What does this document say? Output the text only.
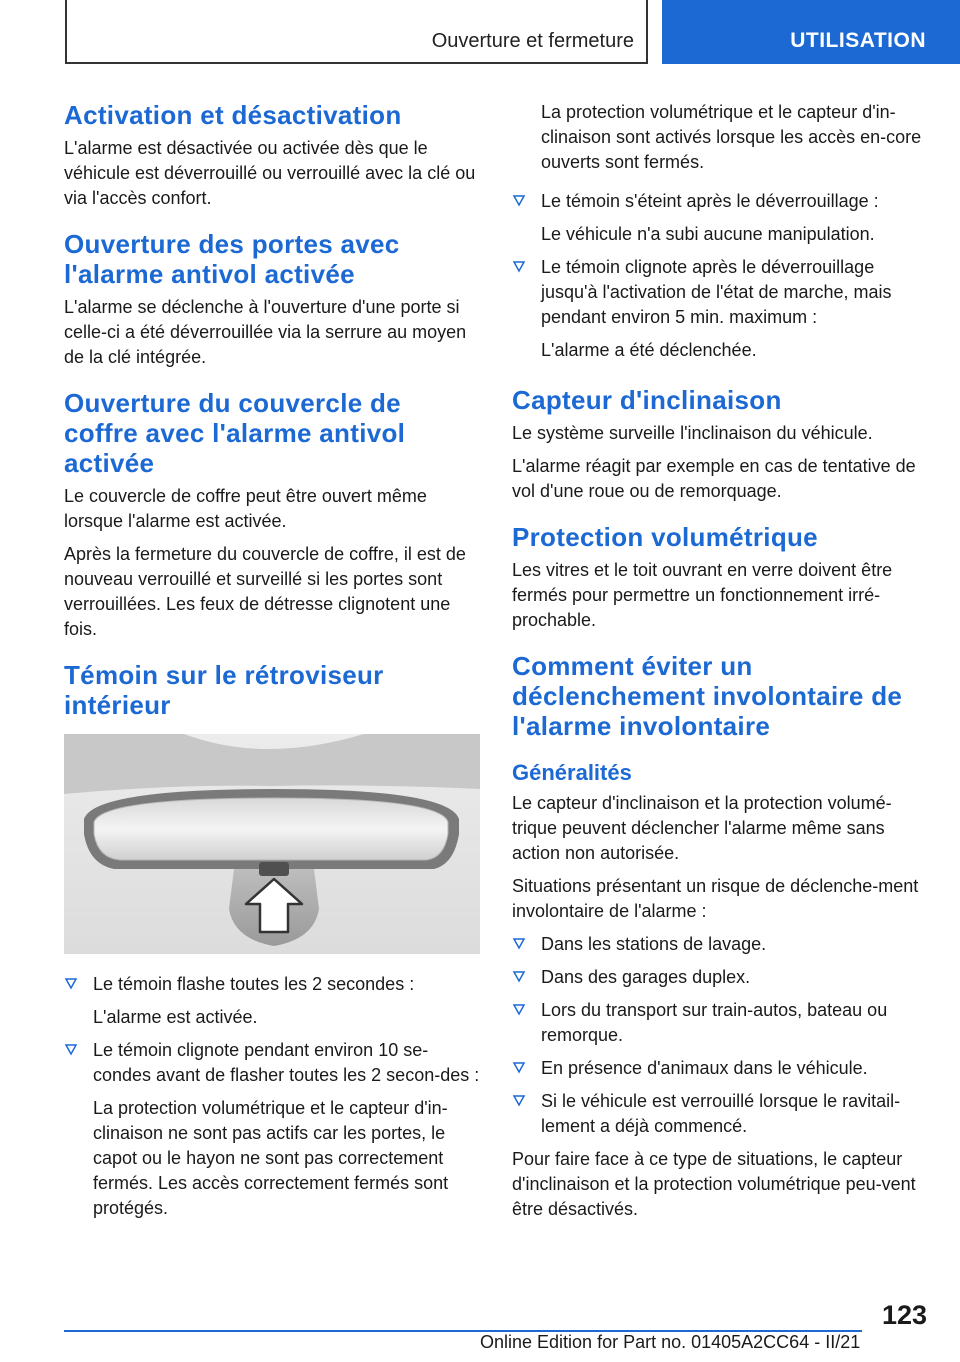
Ouverture et fermeture	UTILISATION
Activation et désactivation

L'alarme est désactivée ou activée dès que le véhicule est déverrouillé ou verrouillé avec la clé ou via l'accès confort.

Ouverture des portes avec l'alarme antivol activée

L'alarme se déclenche à l'ouverture d'une porte si celle-ci a été déverrouillée via la serrure au moyen de la clé intégrée.

Ouverture du couvercle de coffre avec l'alarme antivol activée

Le couvercle de coffre peut être ouvert même lorsque l'alarme est activée.

Après la fermeture du couvercle de coffre, il est de nouveau verrouillé et surveillé si les portes sont verrouillées. Les feux de détresse clignotent une fois.

Témoin sur le rétroviseur intérieur

Le témoin flashe toutes les 2 secondes :

L'alarme est activée.

Le témoin clignote pendant environ 10 se-condes avant de flasher toutes les 2 secon-des :

La protection volumétrique et le capteur d'in-clinaison ne sont pas actifs car les portes, le capot ou le hayon ne sont pas correctement fermés. Les accès correctement fermés sont protégés.

La protection volumétrique et le capteur d'in-clinaison sont activés lorsque les accès en-core ouverts sont fermés.

Le témoin s'éteint après le déverrouillage :

Le véhicule n'a subi aucune manipulation.

Le témoin clignote après le déverrouillage jusqu'à l'activation de l'état de marche, mais pendant environ 5 min. maximum :

L'alarme a été déclenchée.

Capteur d'inclinaison

Le système surveille l'inclinaison du véhicule.

L'alarme réagit par exemple en cas de tentative de vol d'une roue ou de remorquage.

Protection volumétrique

Les vitres et le toit ouvrant en verre doivent être fermés pour permettre un fonctionnement irré-prochable.

Comment éviter un déclenchement involontaire de l'alarme involontaire
Généralités

Le capteur d'inclinaison et la protection volumé-trique peuvent déclencher l'alarme même sans action non autorisée.

Situations présentant un risque de déclenche-ment involontaire de l'alarme :

Dans les stations de lavage.

Dans des garages duplex.

Lors du transport sur train-autos, bateau ou remorque.

En présence d'animaux dans le véhicule.

Si le véhicule est verrouillé lorsque le ravitail-lement a déjà commencé.

Pour faire face à ce type de situations, le capteur d'inclinaison et la protection volumétrique peu-vent être désactivés.

123
Online Edition for Part no. 01405A2CC64 - II/21
